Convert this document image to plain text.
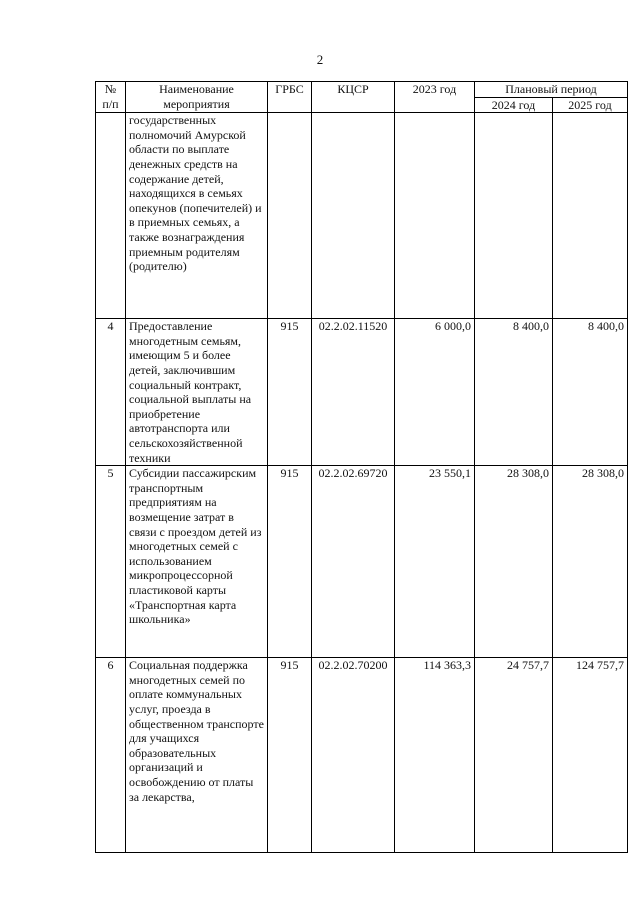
2
№ п/п	Наименование мероприятия	ГРБС	КЦСР	2023 год	Плановый период	
					2024 год	2025 год
	государственных полномочий Амурской области по выплате денежных средств на содержание детей, находящихся в семьях опекунов (попечителей) и в приемных семьях, а также вознаграждения приемным родителям (родителю)					
4	Предоставление многодетным семьям, имеющим 5 и более детей, заключившим социальный контракт, социальной выплаты на приобретение автотранспорта или сельскохозяйственной техники	915	02.2.02.11520	6 000,0	8 400,0	8 400,0
5	Субсидии пассажирским транспортным предприятиям на возмещение затрат в связи с проездом детей из многодетных семей с использованием микропроцессорной пластиковой карты «Транспортная карта школьника»	915	02.2.02.69720	23 550,1	28 308,0	28 308,0
6	Социальная поддержка многодетных семей по оплате коммунальных услуг, проезда в общественном транспорте для учащихся образовательных организаций и освобождению от платы за лекарства,	915	02.2.02.70200	114 363,3	24 757,7	124 757,7
